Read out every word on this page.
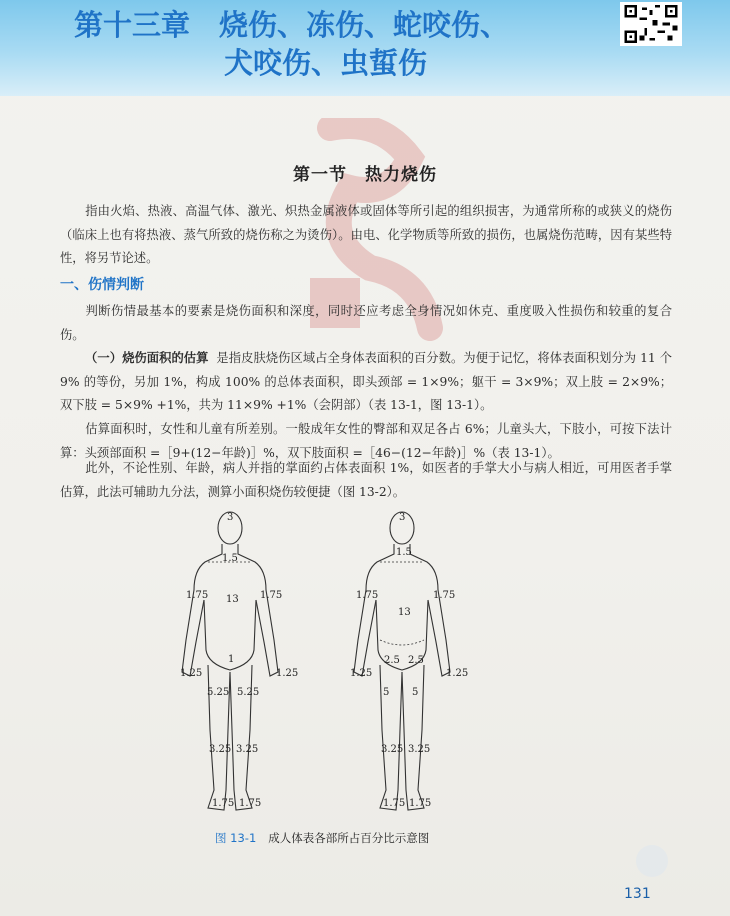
第十三章　烧伤、冻伤、蛇咬伤、
犬咬伤、虫蜇伤
第一节　热力烧伤
指由火焰、热液、高温气体、激光、炽热金属液体或固体等所引起的组织损害，为通常所称的或狭义的烧伤（临床上也有将热液、蒸气所致的烧伤称之为烫伤）。由电、化学物质等所致的损伤，也属烧伤范畴，因有某些特性，将另节论述。
一、伤情判断
判断伤情最基本的要素是烧伤面积和深度，同时还应考虑全身情况如休克、重度吸入性损伤和较重的复合伤。
（一）烧伤面积的估算 是指皮肤烧伤区域占全身体表面积的百分数。为便于记忆，将体表面积划分为 11 个 9% 的等份，另加 1%，构成 100% 的总体表面积，即头颈部 = 1×9%；躯干 = 3×9%；双上肢 = 2×9%；双下肢 = 5×9% +1%，共为 11×9% +1%（会阴部）（表 13-1，图 13-1）。
估算面积时，女性和儿童有所差别。一般成年女性的臀部和双足各占 6%；儿童头大，下肢小，可按下法计算：头颈部面积 =［9+(12−年龄)］%，双下肢面积 =［46−(12−年龄)］%（表 13-1）。
此外，不论性别、年龄，病人并指的掌面约占体表面积 1%，如医者的手掌大小与病人相近，可用医者手掌估算，此法可辅助九分法，测算小面积烧伤较便捷（图 13-2）。
3
1.5
1.75	1.75
13
1
1.25	1.25
5.25 5.25
3.25 3.25
1.75 1.75
3
1.5
1.75	1.75
13
2.5 2.5
1.25	1.25
5 5
3.25 3.25
1.75 1.75
图 13-1 成人体表各部所占百分比示意图
131
